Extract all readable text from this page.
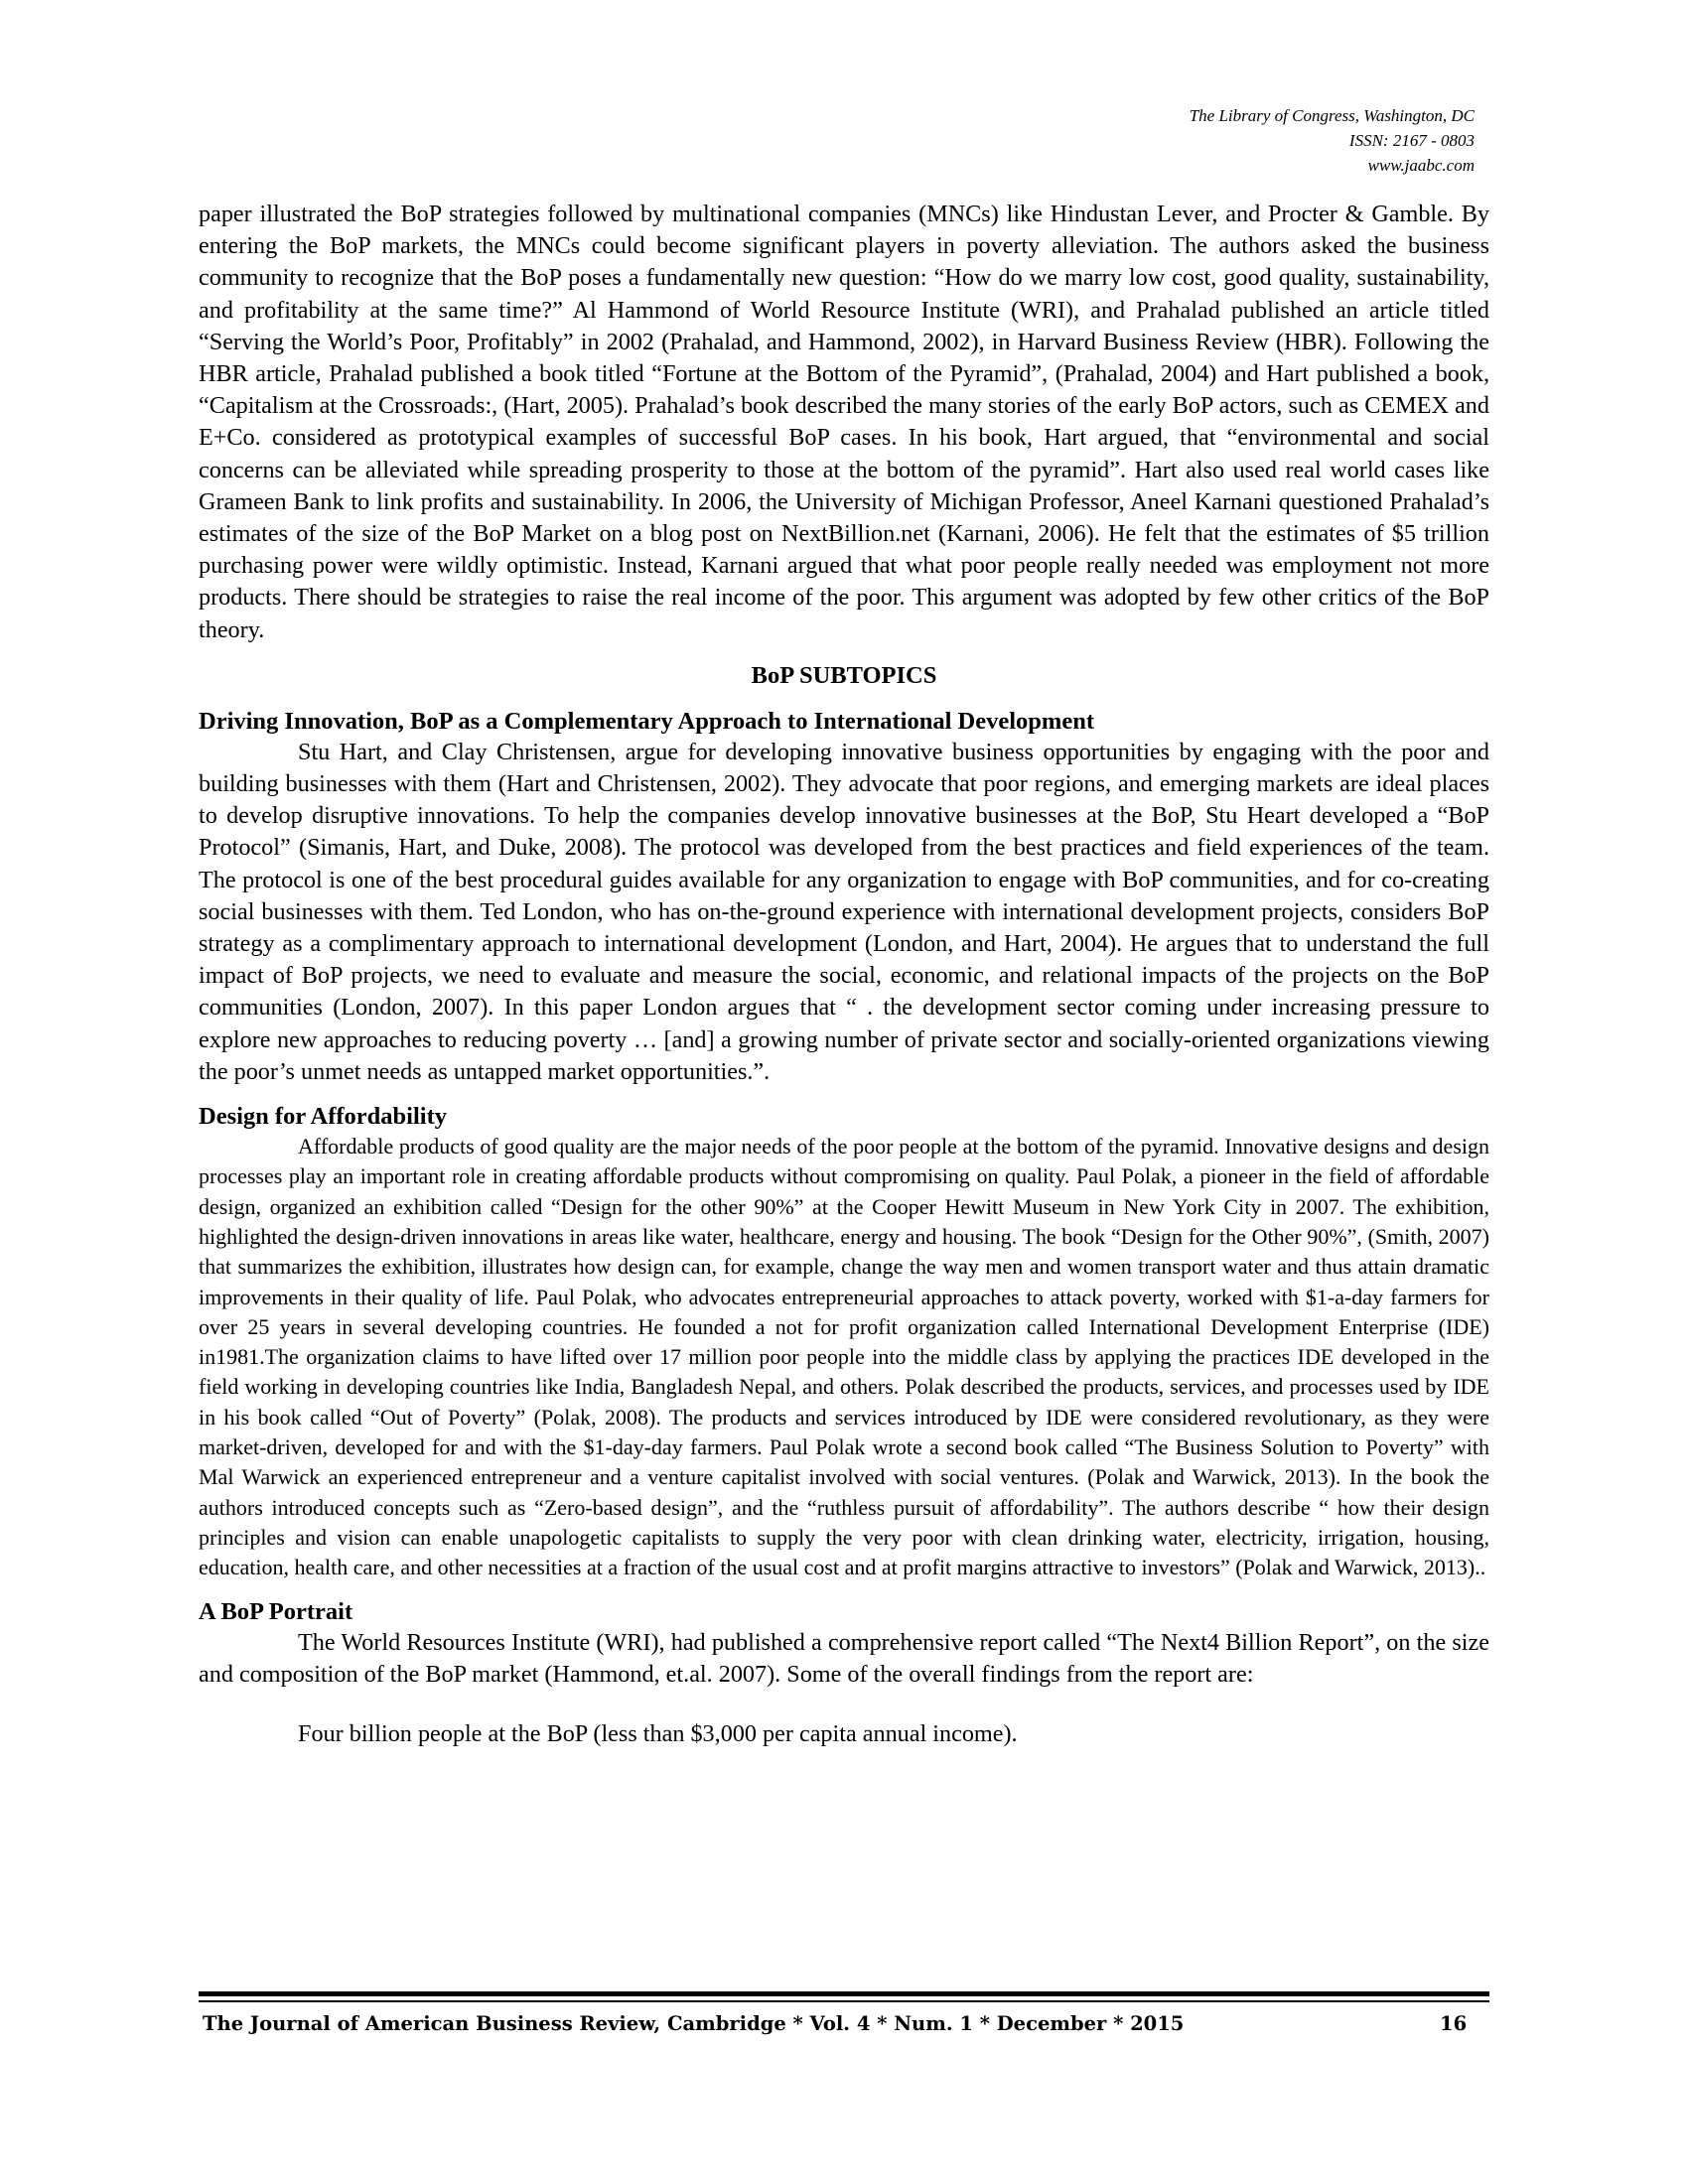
The Library of Congress, Washington, DC
ISSN: 2167 - 0803
www.jaabc.com

paper illustrated the BoP strategies followed by multinational companies (MNCs) like Hindustan Lever, and Procter & Gamble. By entering the BoP markets, the MNCs could become significant players in poverty alleviation. The authors asked the business community to recognize that the BoP poses a fundamentally new question: “How do we marry low cost, good quality, sustainability, and profitability at the same time?” Al Hammond of World Resource Institute (WRI), and Prahalad published an article titled “Serving the World’s Poor, Profitably” in 2002 (Prahalad, and Hammond, 2002), in Harvard Business Review (HBR). Following the HBR article, Prahalad published a book titled “Fortune at the Bottom of the Pyramid”, (Prahalad, 2004) and Hart published a book, “Capitalism at the Crossroads:, (Hart, 2005). Prahalad’s book described the many stories of the early BoP actors, such as CEMEX and E+Co. considered as prototypical examples of successful BoP cases. In his book, Hart argued, that “environmental and social concerns can be alleviated while spreading prosperity to those at the bottom of the pyramid”. Hart also used real world cases like Grameen Bank to link profits and sustainability. In 2006, the University of Michigan Professor, Aneel Karnani questioned Prahalad’s estimates of the size of the BoP Market on a blog post on NextBillion.net (Karnani, 2006). He felt that the estimates of $5 trillion purchasing power were wildly optimistic. Instead, Karnani argued that what poor people really needed was employment not more products. There should be strategies to raise the real income of the poor. This argument was adopted by few other critics of the BoP theory.

BoP SUBTOPICS
Driving Innovation, BoP as a Complementary Approach to International Development

Stu Hart, and Clay Christensen, argue for developing innovative business opportunities by engaging with the poor and building businesses with them (Hart and Christensen, 2002). They advocate that poor regions, and emerging markets are ideal places to develop disruptive innovations. To help the companies develop innovative businesses at the BoP, Stu Heart developed a “BoP Protocol” (Simanis, Hart, and Duke, 2008). The protocol was developed from the best practices and field experiences of the team. The protocol is one of the best procedural guides available for any organization to engage with BoP communities, and for co-creating social businesses with them. Ted London, who has on-the-ground experience with international development projects, considers BoP strategy as a complimentary approach to international development (London, and Hart, 2004). He argues that to understand the full impact of BoP projects, we need to evaluate and measure the social, economic, and relational impacts of the projects on the BoP communities (London, 2007). In this paper London argues that “ . the development sector coming under increasing pressure to explore new approaches to reducing poverty … [and] a growing number of private sector and socially-oriented organizations viewing the poor’s unmet needs as untapped market opportunities.”.

Design for Affordability

Affordable products of good quality are the major needs of the poor people at the bottom of the pyramid. Innovative designs and design processes play an important role in creating affordable products without compromising on quality. Paul Polak, a pioneer in the field of affordable design, organized an exhibition called “Design for the other 90%” at the Cooper Hewitt Museum in New York City in 2007. The exhibition, highlighted the design-driven innovations in areas like water, healthcare, energy and housing. The book “Design for the Other 90%”, (Smith, 2007) that summarizes the exhibition, illustrates how design can, for example, change the way men and women transport water and thus attain dramatic improvements in their quality of life. Paul Polak, who advocates entrepreneurial approaches to attack poverty, worked with $1-a-day farmers for over 25 years in several developing countries. He founded a not for profit organization called International Development Enterprise (IDE) in1981.The organization claims to have lifted over 17 million poor people into the middle class by applying the practices IDE developed in the field working in developing countries like India, Bangladesh Nepal, and others. Polak described the products, services, and processes used by IDE in his book called “Out of Poverty” (Polak, 2008). The products and services introduced by IDE were considered revolutionary, as they were market-driven, developed for and with the $1-day-day farmers. Paul Polak wrote a second book called “The Business Solution to Poverty” with Mal Warwick an experienced entrepreneur and a venture capitalist involved with social ventures. (Polak and Warwick, 2013). In the book the authors introduced concepts such as “Zero-based design”, and the “ruthless pursuit of affordability”. The authors describe “ how their design principles and vision can enable unapologetic capitalists to supply the very poor with clean drinking water, electricity, irrigation, housing, education, health care, and other necessities at a fraction of the usual cost and at profit margins attractive to investors” (Polak and Warwick, 2013)..

A BoP Portrait

The World Resources Institute (WRI), had published a comprehensive report called “The Next4 Billion Report”, on the size and composition of the BoP market (Hammond, et.al. 2007). Some of the overall findings from the report are:

Four billion people at the BoP (less than $3,000 per capita annual income).
The Journal of American Business Review, Cambridge * Vol. 4 * Num. 1 * December * 2015	16
